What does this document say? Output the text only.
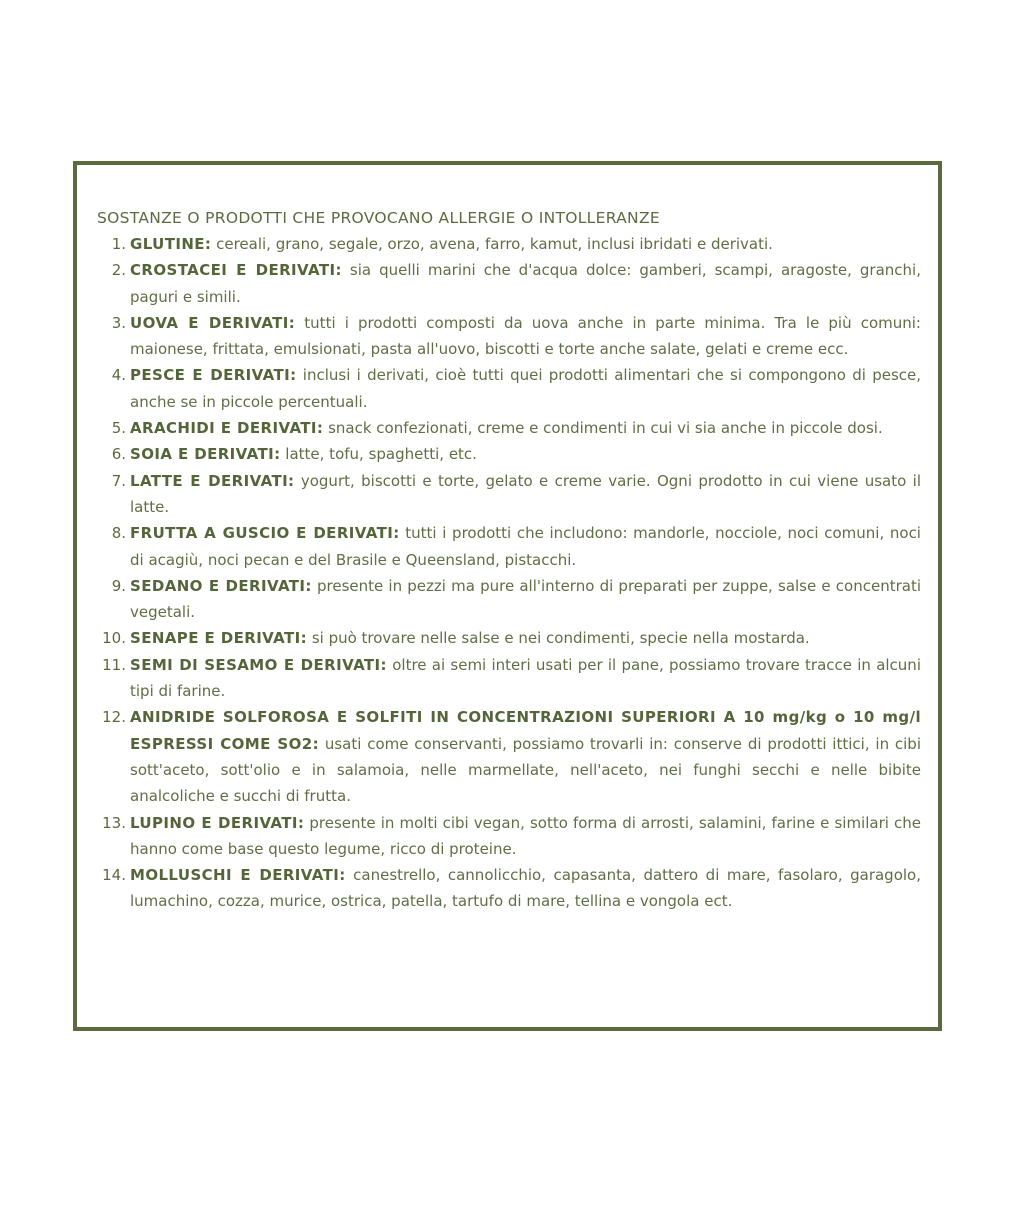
SOSTANZE O PRODOTTI CHE PROVOCANO ALLERGIE O INTOLLERANZE

1. GLUTINE: cereali, grano, segale, orzo, avena, farro, kamut, inclusi ibridati e derivati.
2. CROSTACEI E DERIVATI: sia quelli marini che d'acqua dolce: gamberi, scampi, aragoste, granchi, paguri e simili.
3. UOVA E DERIVATI: tutti i prodotti composti da uova anche in parte minima. Tra le più comuni: maionese, frittata, emulsionati, pasta all'uovo, biscotti e torte anche salate, gelati e creme ecc.
4. PESCE E DERIVATI: inclusi i derivati, cioè tutti quei prodotti alimentari che si compongono di pesce, anche se in piccole percentuali.
5. ARACHIDI E DERIVATI: snack confezionati, creme e condimenti in cui vi sia anche in piccole dosi.
6. SOIA E DERIVATI: latte, tofu, spaghetti, etc.
7. LATTE E DERIVATI: yogurt, biscotti e torte, gelato e creme varie. Ogni prodotto in cui viene usato il latte.
8. FRUTTA A GUSCIO E DERIVATI: tutti i prodotti che includono: mandorle, nocciole, noci comuni, noci di acagiù, noci pecan e del Brasile e Queensland, pistacchi.
9. SEDANO E DERIVATI: presente in pezzi ma pure all'interno di preparati per zuppe, salse e concentrati vegetali.
10. SENAPE E DERIVATI: si può trovare nelle salse e nei condimenti, specie nella mostarda.
11. SEMI DI SESAMO E DERIVATI: oltre ai semi interi usati per il pane, possiamo trovare tracce in alcuni tipi di farine.
12. ANIDRIDE SOLFOROSA E SOLFITI IN CONCENTRAZIONI SUPERIORI A 10 mg/kg o 10 mg/l ESPRESSI COME SO2: usati come conservanti, possiamo trovarli in: conserve di prodotti ittici, in cibi sott'aceto, sott'olio e in salamoia, nelle marmellate, nell'aceto, nei funghi secchi e nelle bibite analcoliche e succhi di frutta.
13. LUPINO E DERIVATI: presente in molti cibi vegan, sotto forma di arrosti, salamini, farine e similari che hanno come base questo legume, ricco di proteine.
14. MOLLUSCHI E DERIVATI: canestrello, cannolicchio, capasanta, dattero di mare, fasolaro, garagolo, lumachino, cozza, murice, ostrica, patella, tartufo di mare, tellina e vongola ect.
